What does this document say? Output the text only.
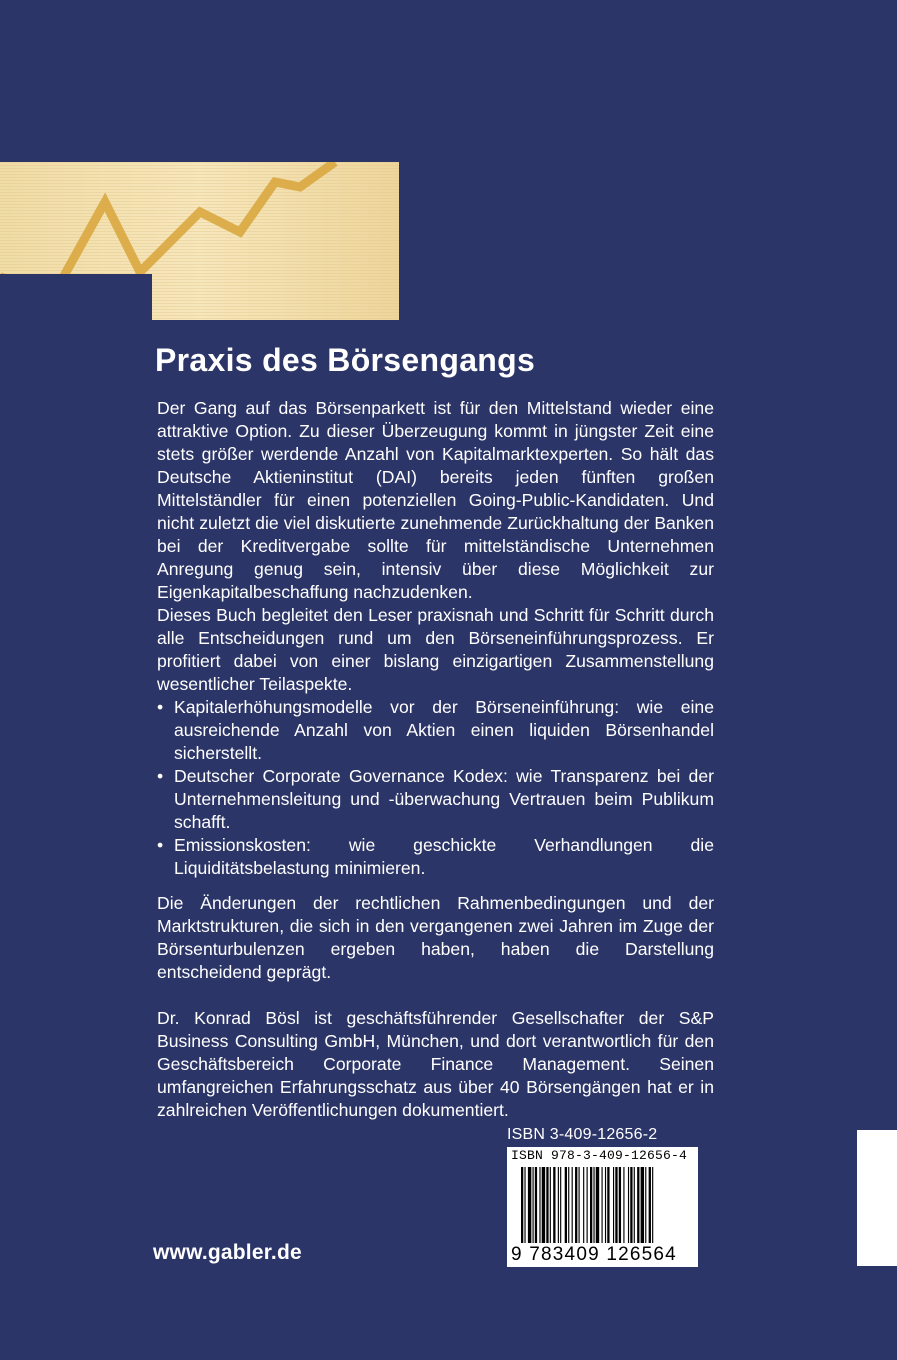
Praxis des Börsengangs

Der Gang auf das Börsenparkett ist für den Mittelstand wieder eine attraktive Option. Zu dieser Überzeugung kommt in jüngster Zeit eine stets größer werdende Anzahl von Kapitalmarktexperten. So hält das Deutsche Aktieninstitut (DAI) bereits jeden fünften großen Mittelständler für einen potenziellen Going-Public-Kandidaten. Und nicht zuletzt die viel diskutierte zunehmende Zurückhaltung der Banken bei der Kreditvergabe sollte für mittelständische Unternehmen Anregung genug sein, intensiv über diese Möglichkeit zur Eigenkapitalbeschaffung nachzudenken.

Dieses Buch begleitet den Leser praxisnah und Schritt für Schritt durch alle Entscheidungen rund um den Börseneinführungsprozess. Er profitiert dabei von einer bislang einzigartigen Zusammenstellung wesentlicher Teilaspekte.

• Kapitalerhöhungsmodelle vor der Börseneinführung: wie eine ausreichende Anzahl von Aktien einen liquiden Börsenhandel sicherstellt.
• Deutscher Corporate Governance Kodex: wie Transparenz bei der Unternehmensleitung und -überwachung Vertrauen beim Publikum schafft.
• Emissionskosten: wie geschickte Verhandlungen die Liquiditätsbelastung minimieren.

Die Änderungen der rechtlichen Rahmenbedingungen und der Marktstrukturen, die sich in den vergangenen zwei Jahren im Zuge der Börsenturbulenzen ergeben haben, haben die Darstellung entscheidend geprägt.

Dr. Konrad Bösl ist geschäftsführender Gesellschafter der S&P Business Consulting GmbH, München, und dort verantwortlich für den Geschäftsbereich Corporate Finance Management. Seinen umfangreichen Erfahrungsschatz aus über 40 Börsengängen hat er in zahlreichen Veröffentlichungen dokumentiert.

ISBN 3-409-12656-2
ISBN 978-3-409-12656-4
9 783409 126564
www.gabler.de
